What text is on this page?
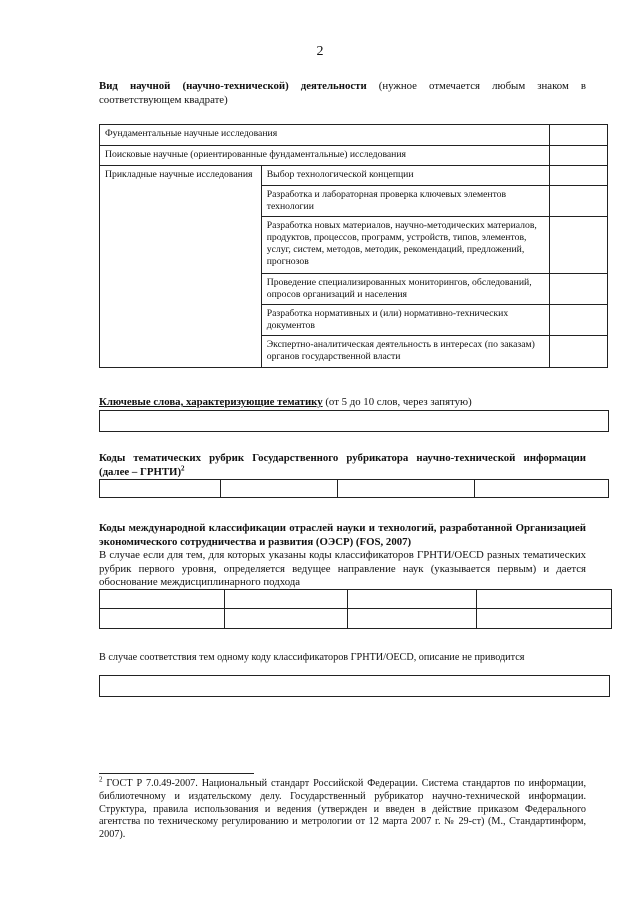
2
Вид научной (научно-технической) деятельности (нужное отмечается любым знаком в соответствующем квадрате)
Фундаментальные научные исследования		
Поисковые научные (ориентированные фундаментальные) исследования		
Прикладные научные исследования	Выбор технологической концепции	
	Разработка и лабораторная проверка ключевых элементов технологии	
	Разработка новых материалов, научно-методических материалов, продуктов, процессов, программ, устройств, типов, элементов, услуг, систем, методов, методик, рекомендаций, предложений, прогнозов	
	Проведение специализированных мониторингов, обследований, опросов организаций и населения	
	Разработка нормативных и (или) нормативно-технических документов	
	Экспертно-аналитическая деятельность в интересах (по заказам) органов государственной власти	
Ключевые слова, характеризующие тематику (от 5 до 10 слов, через запятую)
Коды тематических рубрик Государственного рубрикатора научно-технической информации (далее – ГРНТИ)$^2$

Коды международной классификации отраслей науки и технологий, разработанной Организацией экономического сотрудничества и развития (ОЭСР) (FOS, 2007)
В случае если для тем, для которых указаны коды классификаторов ГРНТИ/OECD разных тематических рубрик первого уровня, определяется ведущее направление наук (указывается первым) и дается обоснование междисциплинарного подхода

В случае соответствия тем одному коду классификаторов ГРНТИ/OECD, описание не приводится
$^2$ ГОСТ Р 7.0.49-2007. Национальный стандарт Российской Федерации. Система стандартов по информации, библиотечному и издательскому делу. Государственный рубрикатор научно-технической информации. Структура, правила использования и ведения (утвержден и введен в действие приказом Федерального агентства по техническому регулированию и метрологии от 12 марта 2007 г. № 29-ст) (М., Стандартинформ, 2007).
